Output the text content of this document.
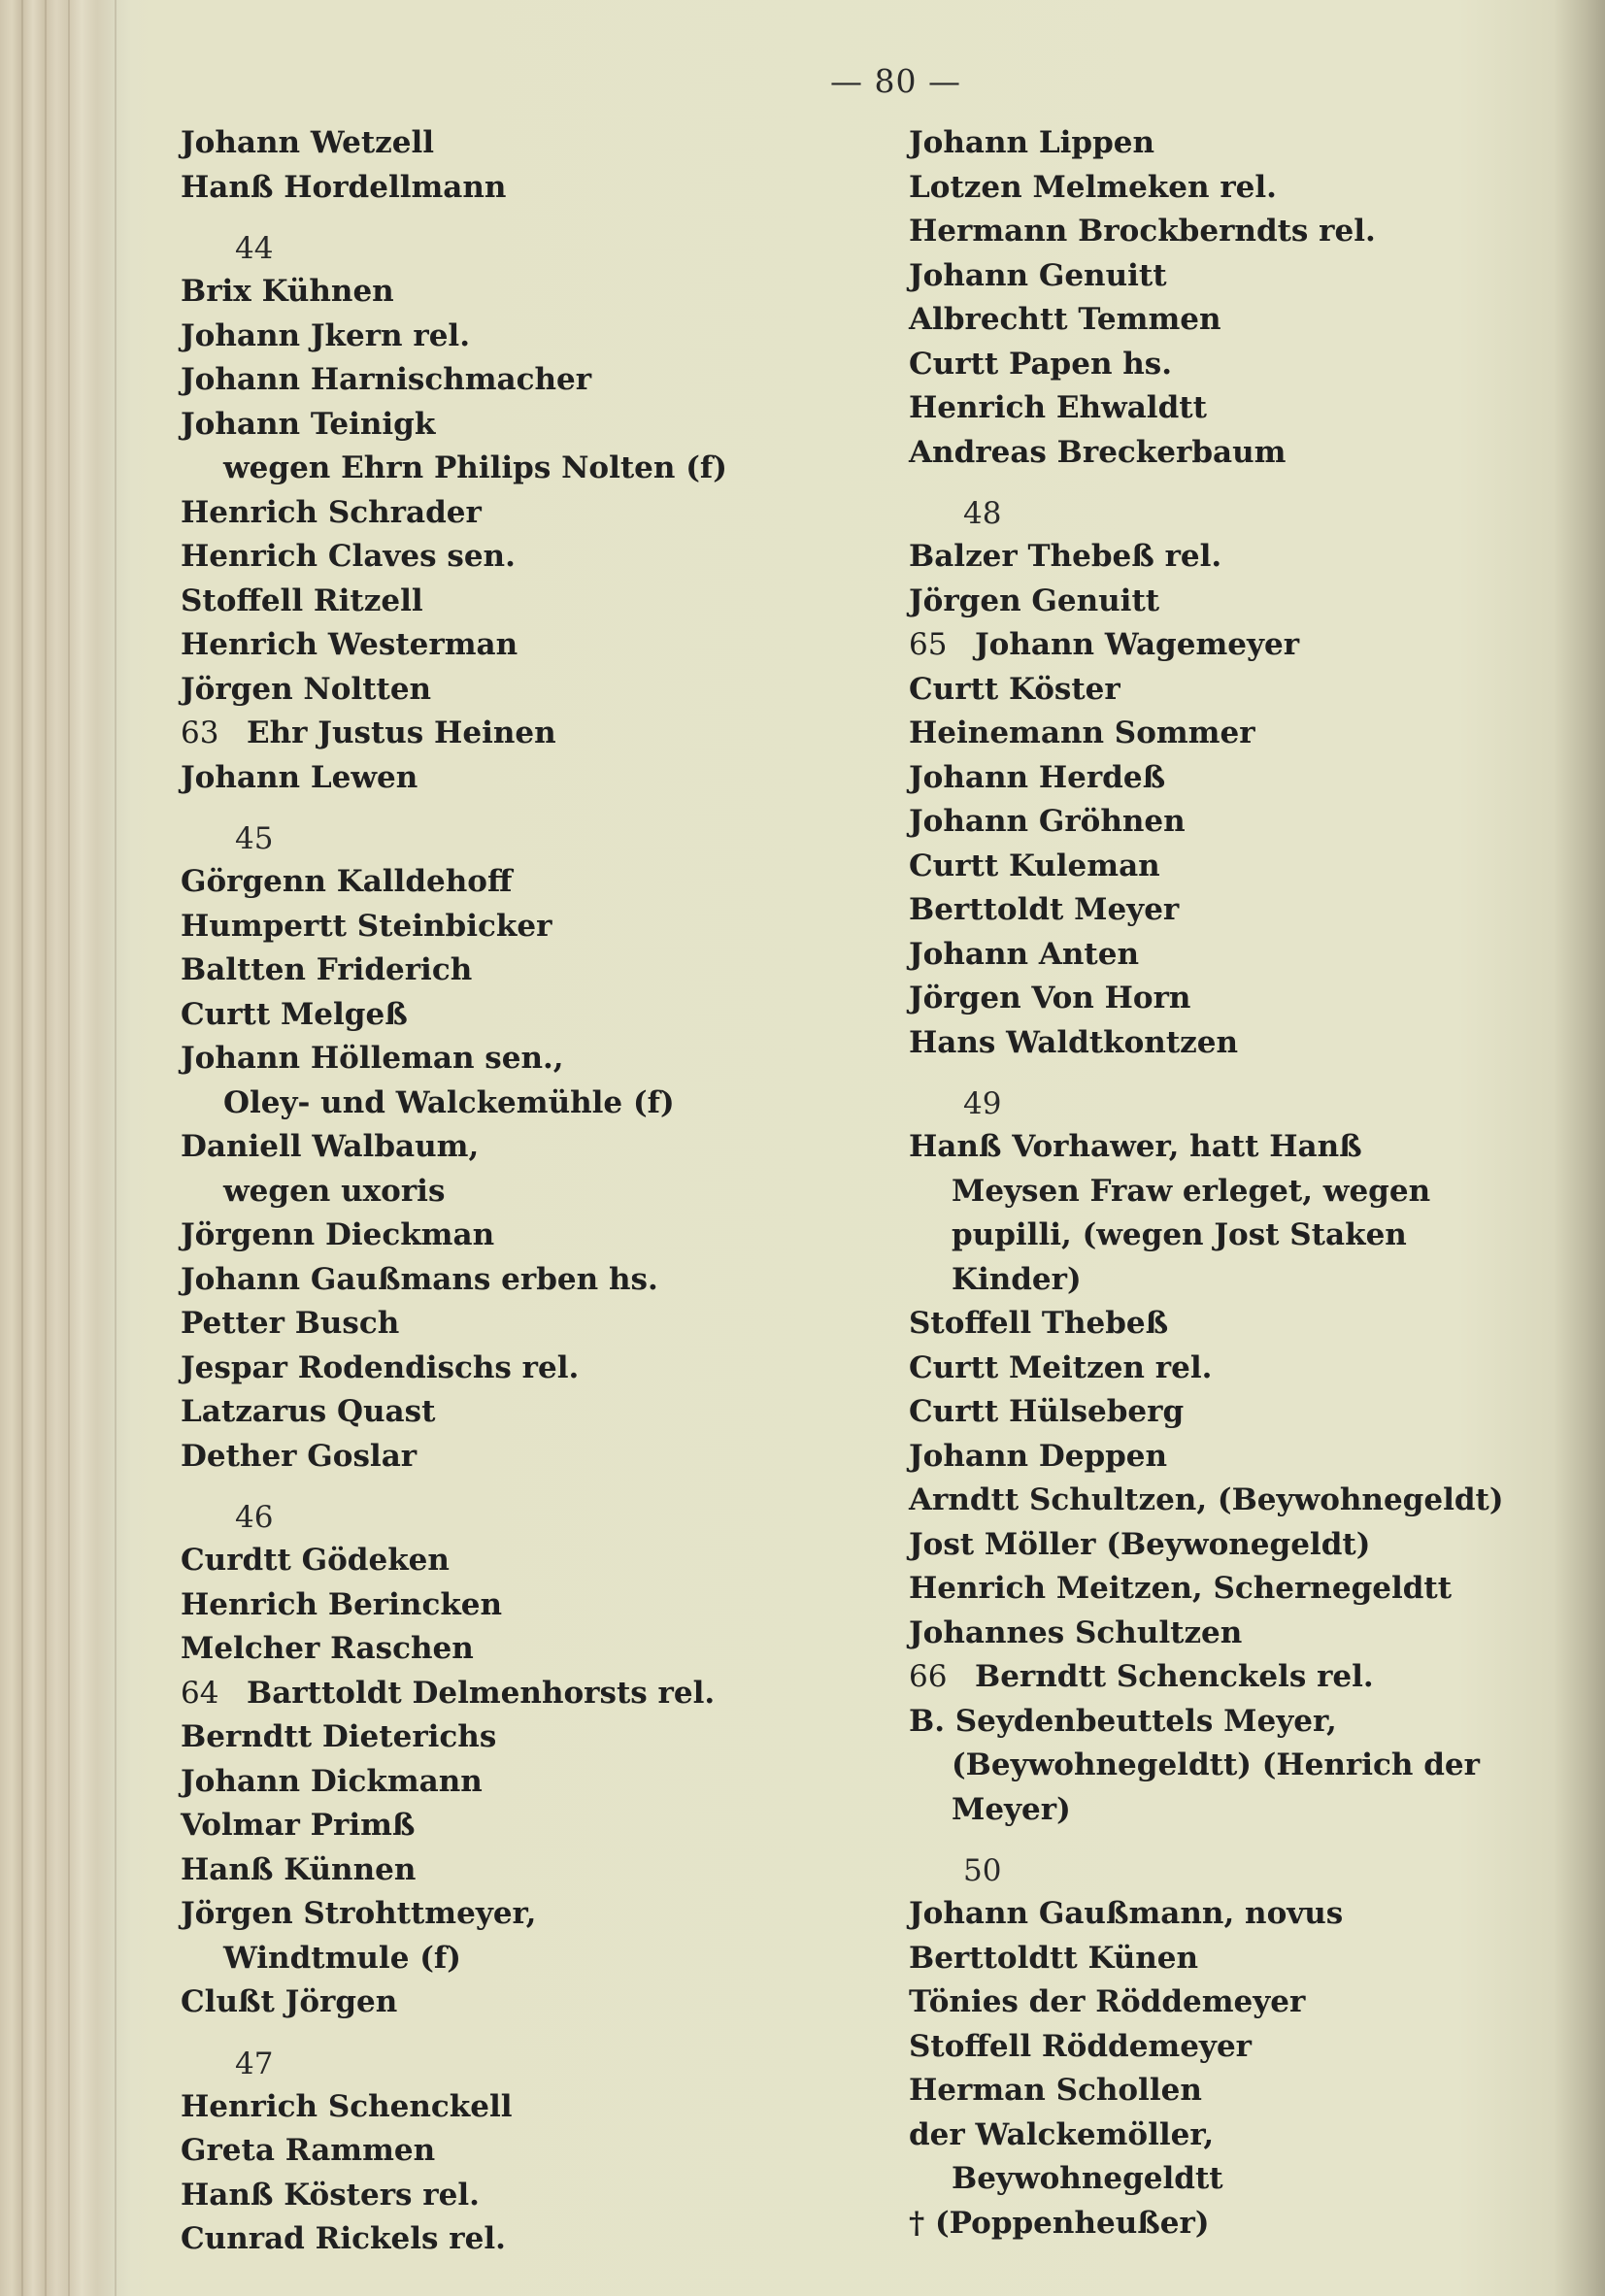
— 80 —
Johann Wetzell
Hanß Hordellmann
44
Brix Kühnen
Johann Jkern rel.
Johann Harnischmacher
Johann Teinigk
wegen Ehrn Philips Nolten (f)
Henrich Schrader
Henrich Claves sen.
Stoffell Ritzell
Henrich Westerman
Jörgen Noltten
63 Ehr Justus Heinen
Johann Lewen
45
Görgenn Kalldehoff
Humpertt Steinbicker
Baltten Friderich
Curtt Melgeß
Johann Hölleman sen.,
Oley- und Walckemühle (f)
Daniell Walbaum,
wegen uxoris
Jörgenn Dieckman
Johann Gaußmans erben hs.
Petter Busch
Jespar Rodendischs rel.
Latzarus Quast
Dether Goslar
46
Curdtt Gödeken
Henrich Berincken
Melcher Raschen
64 Barttoldt Delmenhorsts rel.
Berndtt Dieterichs
Johann Dickmann
Volmar Primß
Hanß Künnen
Jörgen Strohttmeyer,
Windtmule (f)
Clußt Jörgen
47
Henrich Schenckell
Greta Rammen
Hanß Kösters rel.
Cunrad Rickels rel.
Johann Lippen
Lotzen Melmeken rel.
Hermann Brockberndts rel.
Johann Genuitt
Albrechtt Temmen
Curtt Papen hs.
Henrich Ehwaldtt
Andreas Breckerbaum
48
Balzer Thebeß rel.
Jörgen Genuitt
65 Johann Wagemeyer
Curtt Köster
Heinemann Sommer
Johann Herdeß
Johann Gröhnen
Curtt Kuleman
Berttoldt Meyer
Johann Anten
Jörgen Von Horn
Hans Waldtkontzen
49
Hanß Vorhawer, hatt Hanß
Meysen Fraw erleget, wegen
pupilli, (wegen Jost Staken
Kinder)
Stoffell Thebeß
Curtt Meitzen rel.
Curtt Hülseberg
Johann Deppen
Arndtt Schultzen, (Beywohnegeldt)
Jost Möller (Beywonegeldt)
Henrich Meitzen, Schernegeldtt
Johannes Schultzen
66 Berndtt Schenckels rel.
B. Seydenbeuttels Meyer,
(Beywohnegeldtt) (Henrich der
Meyer)
50
Johann Gaußmann, novus
Berttoldtt Künen
Tönies der Röddemeyer
Stoffell Röddemeyer
Herman Schollen
der Walckemöller,
Beywohnegeldtt
† (Poppenheußer)
